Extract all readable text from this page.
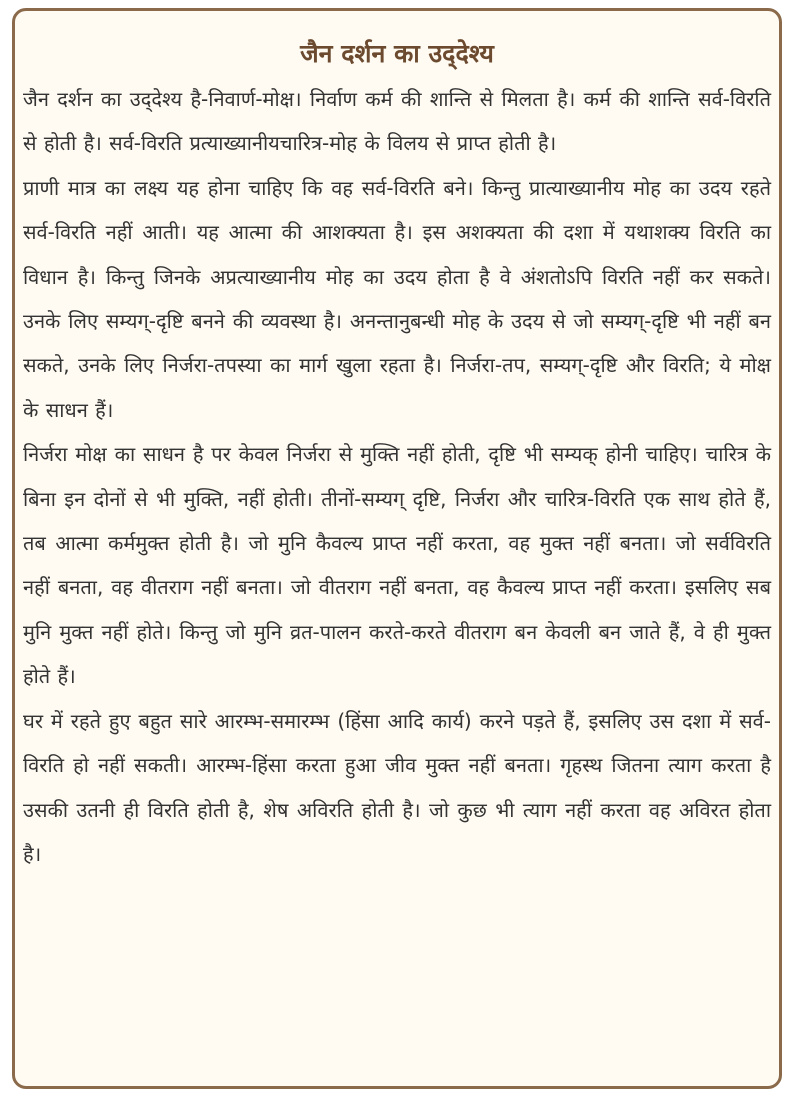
जैन दर्शन का उद्‌देश्य

जैन दर्शन का उद्‌देश्य है-निवार्ण-मोक्ष। निर्वाण कर्म की शान्ति से मिलता है। कर्म की शान्ति सर्व-विरति से होती है। सर्व-विरति प्रत्याख्यानीयचारित्र-मोह के विलय से प्राप्त होती है।

प्राणी मात्र का लक्ष्य यह होना चाहिए कि वह सर्व-विरति बने। किन्तु प्रात्याख्यानीय मोह का उदय रहते सर्व-विरति नहीं आती। यह आत्मा की आशक्यता है। इस अशक्यता की दशा में यथाशक्य विरति का विधान है। किन्तु जिनके अप्रत्याख्यानीय मोह का उदय होता है वे अंशतोऽपि विरति नहीं कर सकते। उनके लिए सम्यग्-दृष्टि बनने की व्यवस्था है। अनन्तानुबन्धी मोह के उदय से जो सम्यग्-दृष्टि भी नहीं बन सकते, उनके लिए निर्जरा-तपस्या का मार्ग खुला रहता है। निर्जरा-तप, सम्यग्-दृष्टि और विरति; ये मोक्ष के साधन हैं।

निर्जरा मोक्ष का साधन है पर केवल निर्जरा से मुक्ति नहीं होती, दृष्टि भी सम्यक् होनी चाहिए। चारित्र के बिना इन दोनों से भी मुक्ति, नहीं होती। तीनों-सम्यग् दृष्टि, निर्जरा और चारित्र-विरति एक साथ होते हैं, तब आत्मा कर्ममुक्त होती है। जो मुनि कैवल्य प्राप्त नहीं करता, वह मुक्त नहीं बनता। जो सर्वविरति नहीं बनता, वह वीतराग नहीं बनता। जो वीतराग नहीं बनता, वह कैवल्य प्राप्त नहीं करता। इसलिए सब मुनि मुक्त नहीं होते। किन्तु जो मुनि व्रत-पालन करते-करते वीतराग बन केवली बन जाते हैं, वे ही मुक्त होते हैं।

घर में रहते हुए बहुत सारे आरम्भ-समारम्भ (हिंसा आदि कार्य) करने पड़ते हैं, इसलिए उस दशा में सर्व-विरति हो नहीं सकती। आरम्भ-हिंसा करता हुआ जीव मुक्त नहीं बनता। गृहस्थ जितना त्याग करता है उसकी उतनी ही विरति होती है, शेष अविरति होती है। जो कुछ भी त्याग नहीं करता वह अविरत होता है।
